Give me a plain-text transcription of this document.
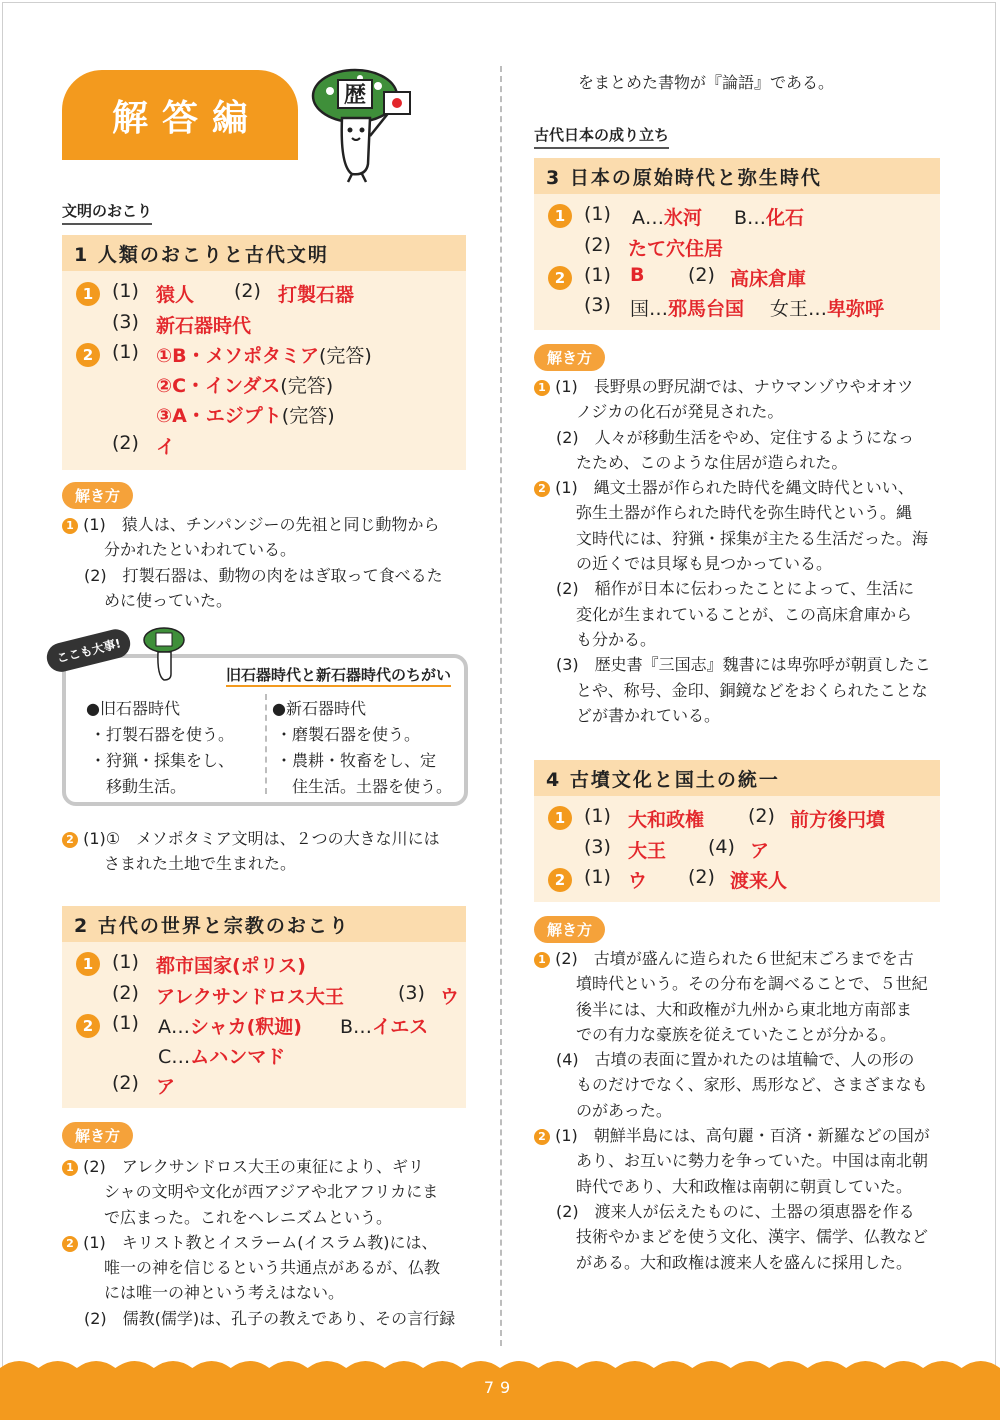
解答編
歴
文明のおこり
1 人類のおこりと古代文明
1 (1) 猿人 (2) 打製石器
(3) 新石器時代
2 (1) ①B・メソポタミア(完答)
②C・インダス(完答)
③A・エジプト(完答)
(2) イ
解き方
1 (1)　猿人は、チンパンジーの先祖と同じ動物から
分かれたといわれている。
(2)　打製石器は、動物の肉をはぎ取って食べるた
めに使っていた。
ここも大事!
旧石器時代と新石器時代のちがい
●旧石器時代
・打製石器を使う。
・狩猟・採集をし、
　移動生活。
●新石器時代
・磨製石器を使う。
・農耕・牧畜をし、定
　住生活。土器を使う。
2 (1)①　メソポタミア文明は、２つの大きな川には
さまれた土地で生まれた。
2 古代の世界と宗教のおこり
1 (1) 都市国家(ポリス)
(2) アレクサンドロス大王	(3) ウ
2 (1) A…シャカ(釈迦) B…イエス
C…ムハンマド
(2) ア
解き方
1 (2)　アレクサンドロス大王の東征により、ギリ
シャの文明や文化が西アジアや北アフリカにま
で広まった。これをヘレニズムという。
2 (1)　キリスト教とイスラーム(イスラム教)には、
唯一の神を信じるという共通点があるが、仏教
には唯一の神という考えはない。
(2)　儒教(儒学)は、孔子の教えであり、その言行録
をまとめた書物が『論語』である。
古代日本の成り立ち
3 日本の原始時代と弥生時代
1 (1) A…氷河 B…化石
(2) たて穴住居
2 (1) B (2) 高床倉庫
(3) 国…邪馬台国 女王…卑弥呼
解き方
1 (1)　長野県の野尻湖では、ナウマンゾウやオオツ
ノジカの化石が発見された。
(2)　人々が移動生活をやめ、定住するようになっ
たため、このような住居が造られた。
2 (1)　縄文土器が作られた時代を縄文時代といい、
弥生土器が作られた時代を弥生時代という。縄
文時代には、狩猟・採集が主たる生活だった。海
の近くでは貝塚も見つかっている。
(2)　稲作が日本に伝わったことによって、生活に
変化が生まれていることが、この高床倉庫から
も分かる。
(3)　歴史書『三国志』魏書には卑弥呼が朝貢したこ
とや、称号、金印、銅鏡などをおくられたことな
どが書かれている。
4 古墳文化と国土の統一
1 (1) 大和政権 (2) 前方後円墳
(3) 大王 (4) ア
2 (1) ウ (2) 渡来人
解き方
1 (2)　古墳が盛んに造られた６世紀末ごろまでを古
墳時代という。その分布を調べることで、５世紀
後半には、大和政権が九州から東北地方南部ま
での有力な豪族を従えていたことが分かる。
(4)　古墳の表面に置かれたのは埴輪で、人の形の
ものだけでなく、家形、馬形など、さまざまなも
のがあった。
2 (1)　朝鮮半島には、高句麗・百済・新羅などの国が
あり、お互いに勢力を争っていた。中国は南北朝
時代であり、大和政権は南朝に朝貢していた。
(2)　渡来人が伝えたものに、土器の須恵器を作る
技術やかまどを使う文化、漢字、儒学、仏教など
がある。大和政権は渡来人を盛んに採用した。
79
